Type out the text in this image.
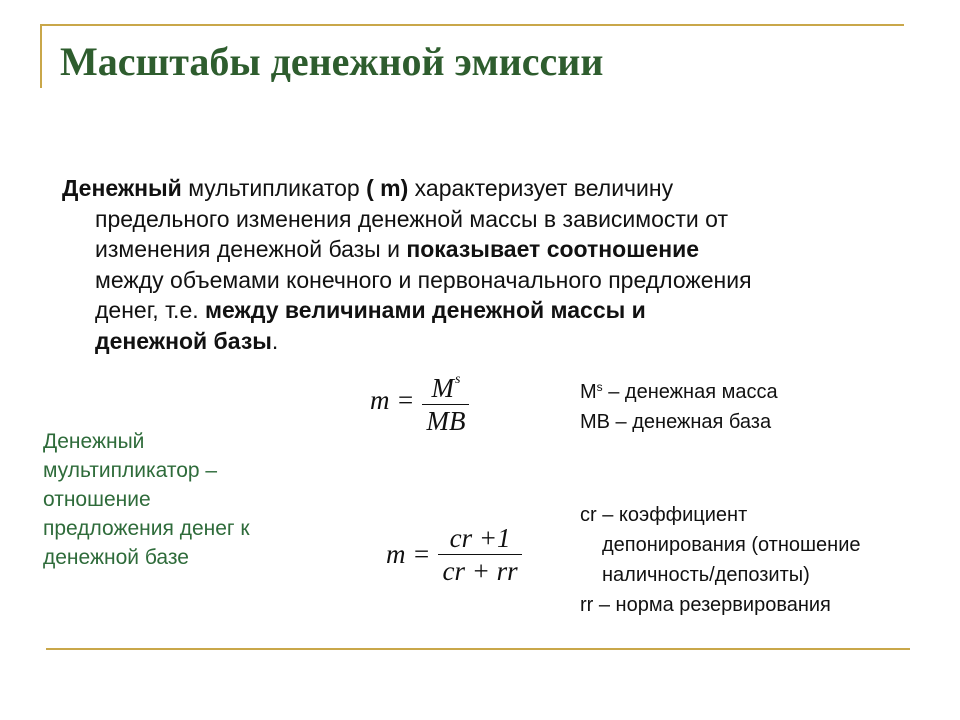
Масштабы денежной эмиссии
Денежный мультипликатор ( m) характеризует величину
предельного изменения денежной массы в зависимости от
изменения денежной базы и показывает соотношение
между объемами конечного и первоначального предложения
денег, т.е. между величинами денежной массы и
денежной базы.
Денежный
мультипликатор –
отношение
предложения денег к
денежной базе
$m = \frac{M^s}{MB}$	$M^s$ – денежная масса
MB – денежная база
$m = \frac{cr +1}{cr + rr}$
cr – коэффициент
депонирования (отношение
наличность/депозиты)
rr – норма резервирования
